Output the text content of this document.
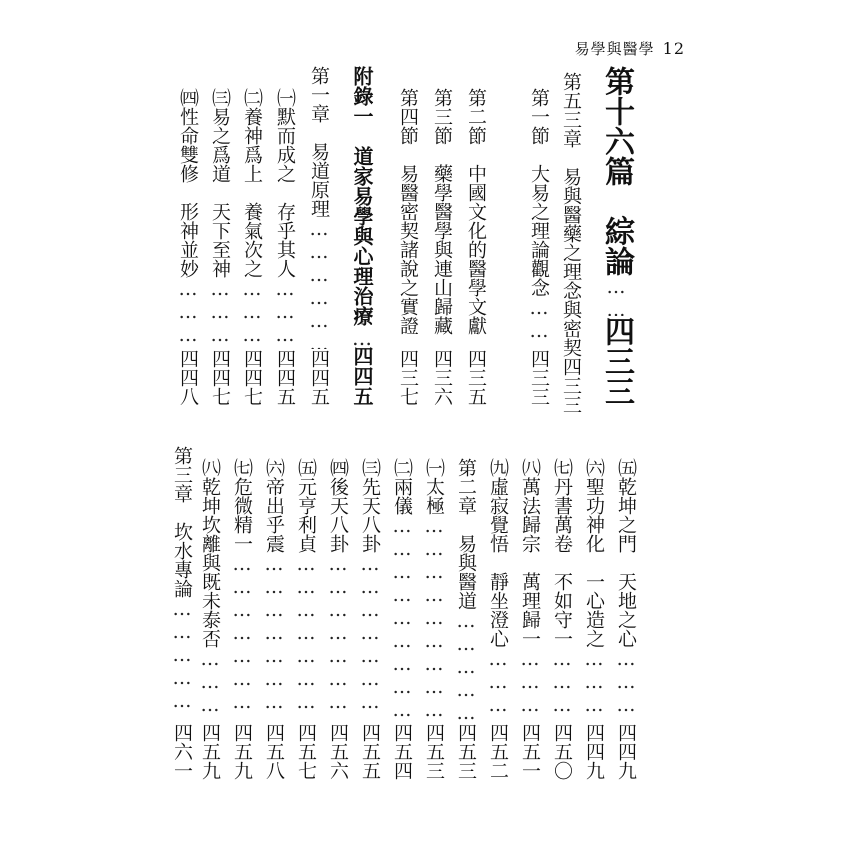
易學與醫學 12
第十六篇　綜論
…………………………………………………………………………………………………………
四三三
第五三章　易與醫藥之理念與密契
四三三
第一節　大易之理論觀念
…………………………………………………………………………………………………………
四三三
第二節　中國文化的醫學文獻
…………………………………………………………………………………………………………
四三五
第三節　藥學醫學與連山歸藏
…………………………………………………………………………………………………………
四三六
第四節　易醫密契諸說之實證
…………………………………………………………………………………………………………
四三七
附錄一　道家易學與心理治療
…………………………………………………………………………………………………………
四四五
第一章　易道原理
…………………………………………………………………………………………………………
四四五
㈠默而成之　存乎其人
…………………………………………………………………………………………………………
四四五
㈡養神爲上　養氣次之
…………………………………………………………………………………………………………
四四七
㈢易之爲道　天下至神
…………………………………………………………………………………………………………
四四七
㈣性命雙修　形神並妙
…………………………………………………………………………………………………………
四四八
㈤乾坤之門　天地之心
…………………………………………………………………………………………………………
四四九
㈥聖功神化　一心造之
…………………………………………………………………………………………………………
四四九
㈦丹書萬卷　不如守一
…………………………………………………………………………………………………………
四五〇
㈧萬法歸宗　萬理歸一
…………………………………………………………………………………………………………
四五一
㈨虛寂覺悟　靜坐澄心
…………………………………………………………………………………………………………
四五二
第二章　易與醫道
…………………………………………………………………………………………………………
四五三
㈠太極
…………………………………………………………………………………………………………
四五三
㈡兩儀
…………………………………………………………………………………………………………
四五四
㈢先天八卦
…………………………………………………………………………………………………………
四五五
㈣後天八卦
…………………………………………………………………………………………………………
四五六
㈤元亨利貞
…………………………………………………………………………………………………………
四五七
㈥帝出乎震
…………………………………………………………………………………………………………
四五八
㈦危微精一
…………………………………………………………………………………………………………
四五九
㈧乾坤坎離與既未泰否
…………………………………………………………………………………………………………
四五九
第三章　坎水專論
…………………………………………………………………………………………………………
四六一
